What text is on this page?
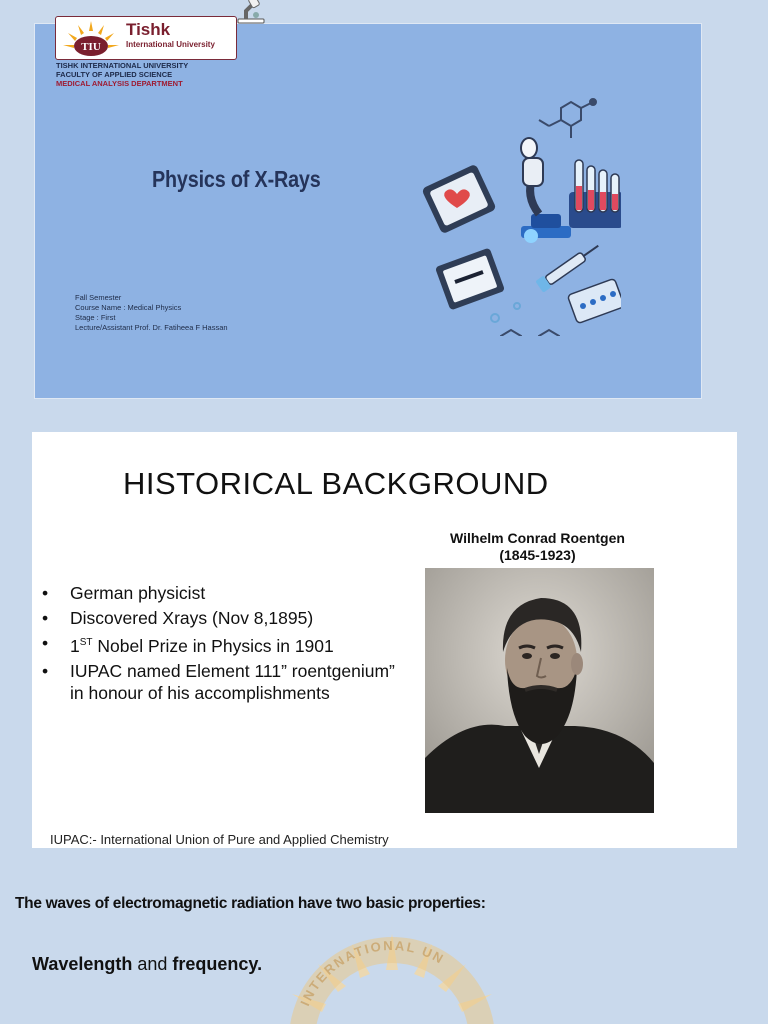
TIU
Tishk
International University
TISHK INTERNATIONAL UNIVERSITY
FACULTY OF APPLIED SCIENCE
MEDICAL ANALYSIS DEPARTMENT
Physics of X-Rays
Fall Semester
Course Name : Medical Physics
Stage : First
Lecture/Assistant Prof. Dr. Fatiheea F Hassan
HISTORICAL BACKGROUND
Wilhelm Conrad Roentgen
(1845-1923)
• German physicist
• Discovered Xrays (Nov 8,1895)
• 1ST Nobel Prize in Physics in 1901
• IUPAC named Element 111” roentgenium” in honour of his accomplishments
IUPAC:- International Union of Pure and Applied Chemistry
INTERNATIONAL UN
The waves of electromagnetic radiation have two basic properties:
Wavelength and frequency.
